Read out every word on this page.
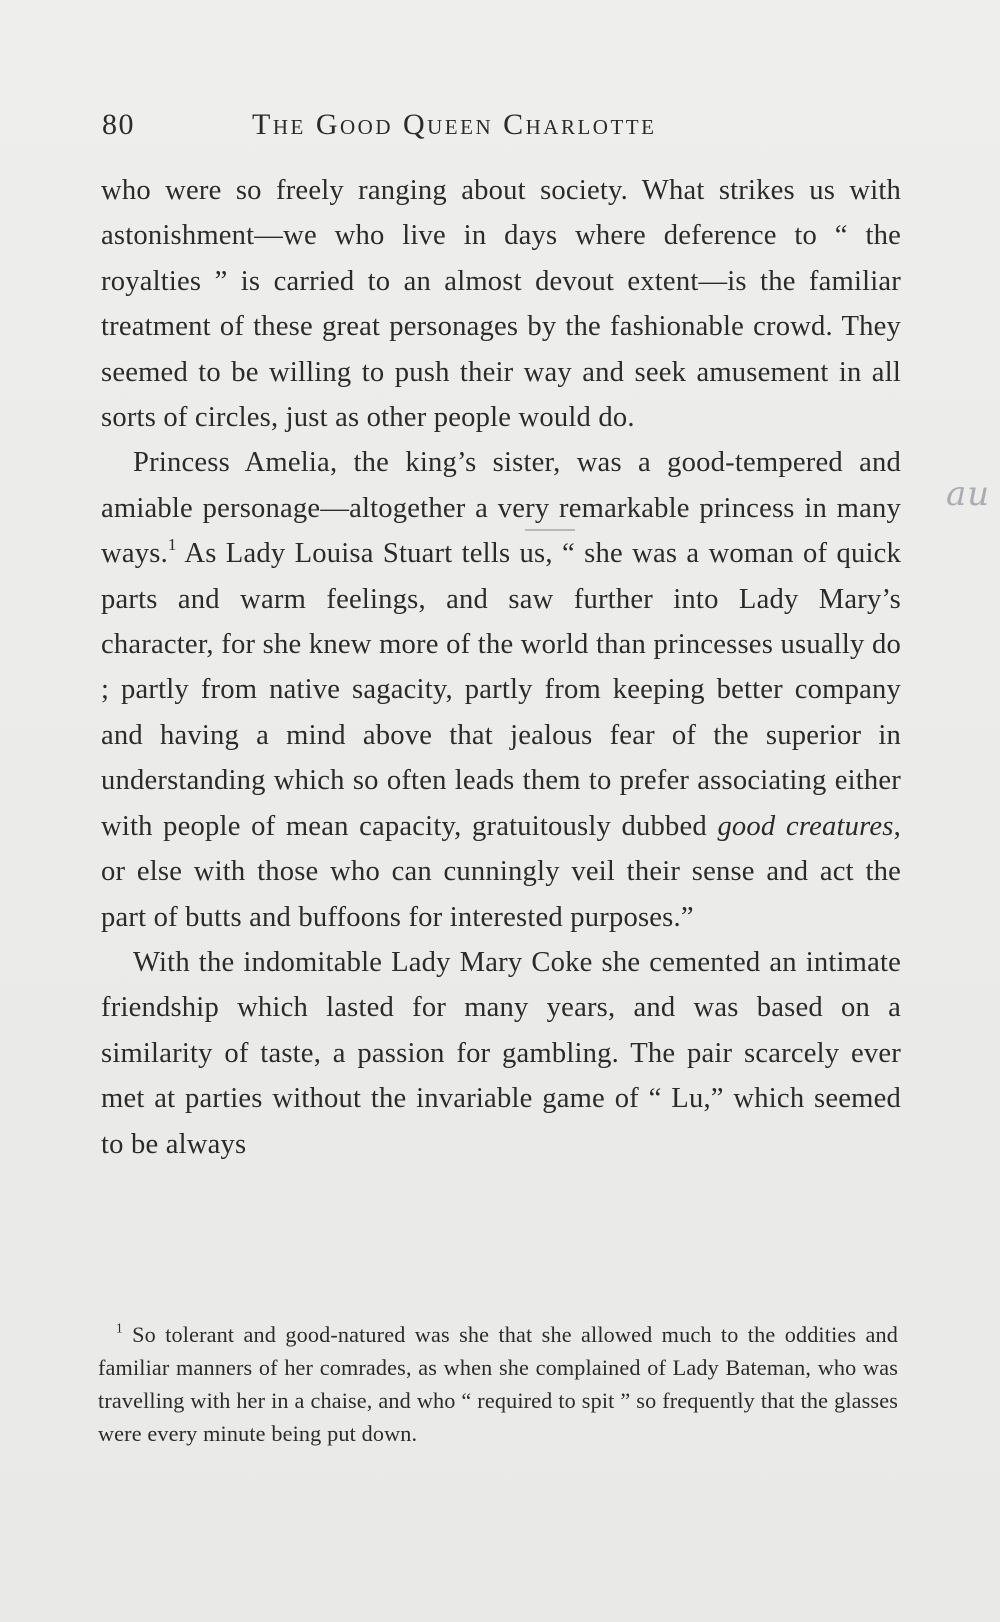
80	The Good Queen Charlotte

who were so freely ranging about society. What strikes us with astonishment—we who live in days where deference to “ the royalties ” is carried to an almost devout extent—is the familiar treatment of these great personages by the fashionable crowd. They seemed to be willing to push their way and seek amusement in all sorts of circles, just as other people would do.

Princess Amelia, the king’s sister, was a good-tempered and amiable personage—altogether a very remarkable princess in many ways.$^1$ As Lady Louisa Stuart tells us, “ she was a woman of quick parts and warm feelings, and saw further into Lady Mary’s character, for she knew more of the world than princesses usually do ; partly from native sagacity, partly from keeping better company and having a mind above that jealous fear of the superior in understanding which so often leads them to prefer associating either with people of mean capacity, gratuitously dubbed good creatures, or else with those who can cunningly veil their sense and act the part of butts and buffoons for interested purposes.”

With the indomitable Lady Mary Coke she cemented an intimate friendship which lasted for many years, and was based on a similarity of taste, a passion for gambling. The pair scarcely ever met at parties without the invariable game of “ Lu,” which seemed to be always

$^1$ So tolerant and good-natured was she that she allowed much to the oddities and familiar manners of her comrades, as when she complained of Lady Bateman, who was travelling with her in a chaise, and who “ required to spit ” so frequently that the glasses were every minute being put down.

au
